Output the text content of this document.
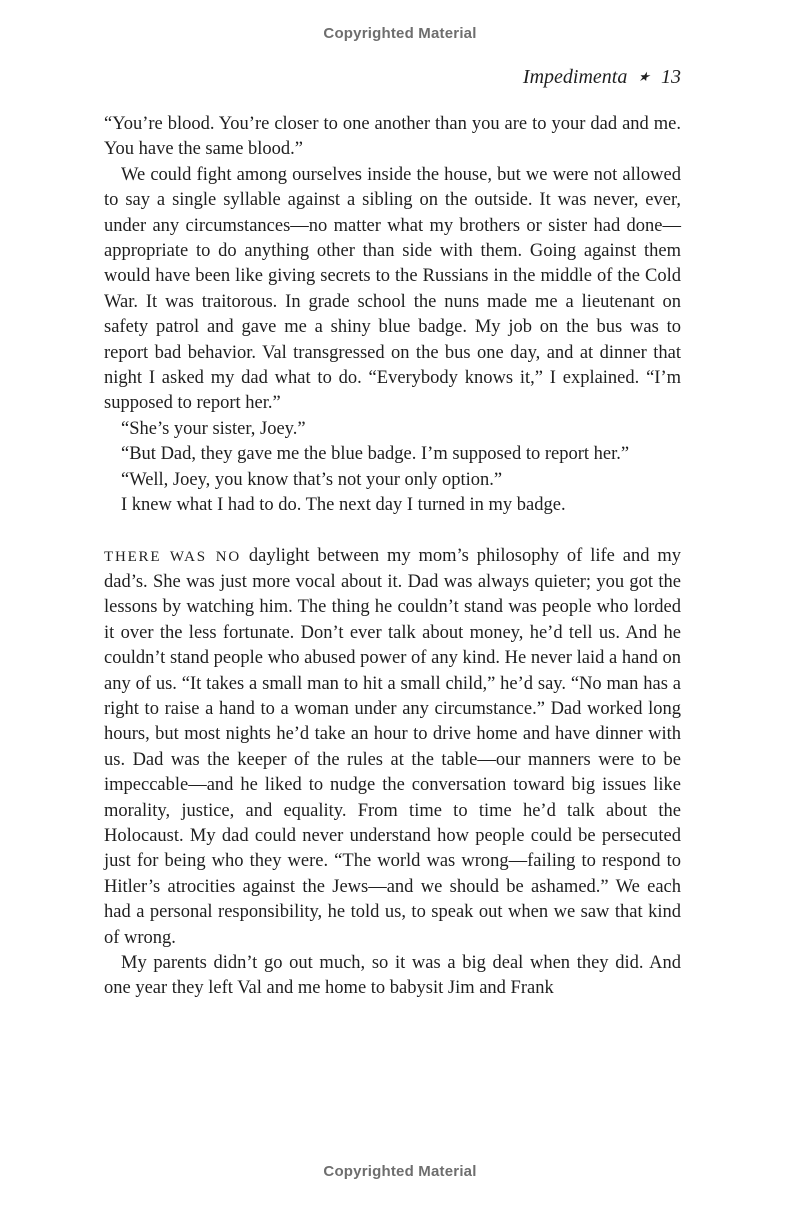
Copyrighted Material
Impedimenta ★ 13

“You’re blood. You’re closer to one another than you are to your dad and me. You have the same blood.”

We could fight among ourselves inside the house, but we were not allowed to say a single syllable against a sibling on the outside. It was never, ever, under any circumstances—no matter what my brothers or sister had done—appropriate to do anything other than side with them. Going against them would have been like giving secrets to the Russians in the middle of the Cold War. It was traitorous. In grade school the nuns made me a lieutenant on safety patrol and gave me a shiny blue badge. My job on the bus was to report bad behavior. Val transgressed on the bus one day, and at dinner that night I asked my dad what to do. “Everybody knows it,” I explained. “I’m supposed to report her.”

“She’s your sister, Joey.”

“But Dad, they gave me the blue badge. I’m supposed to report her.”

“Well, Joey, you know that’s not your only option.”

I knew what I had to do. The next day I turned in my badge.

THERE WAS NO daylight between my mom’s philosophy of life and my dad’s. She was just more vocal about it. Dad was always quieter; you got the lessons by watching him. The thing he couldn’t stand was people who lorded it over the less fortunate. Don’t ever talk about money, he’d tell us. And he couldn’t stand people who abused power of any kind. He never laid a hand on any of us. “It takes a small man to hit a small child,” he’d say. “No man has a right to raise a hand to a woman under any circumstance.” Dad worked long hours, but most nights he’d take an hour to drive home and have dinner with us. Dad was the keeper of the rules at the table—our manners were to be impeccable—and he liked to nudge the conversation toward big issues like morality, justice, and equality. From time to time he’d talk about the Holocaust. My dad could never understand how people could be persecuted just for being who they were. “The world was wrong—failing to respond to Hitler’s atrocities against the Jews—and we should be ashamed.” We each had a personal responsibility, he told us, to speak out when we saw that kind of wrong.

My parents didn’t go out much, so it was a big deal when they did. And one year they left Val and me home to babysit Jim and Frank

Copyrighted Material
